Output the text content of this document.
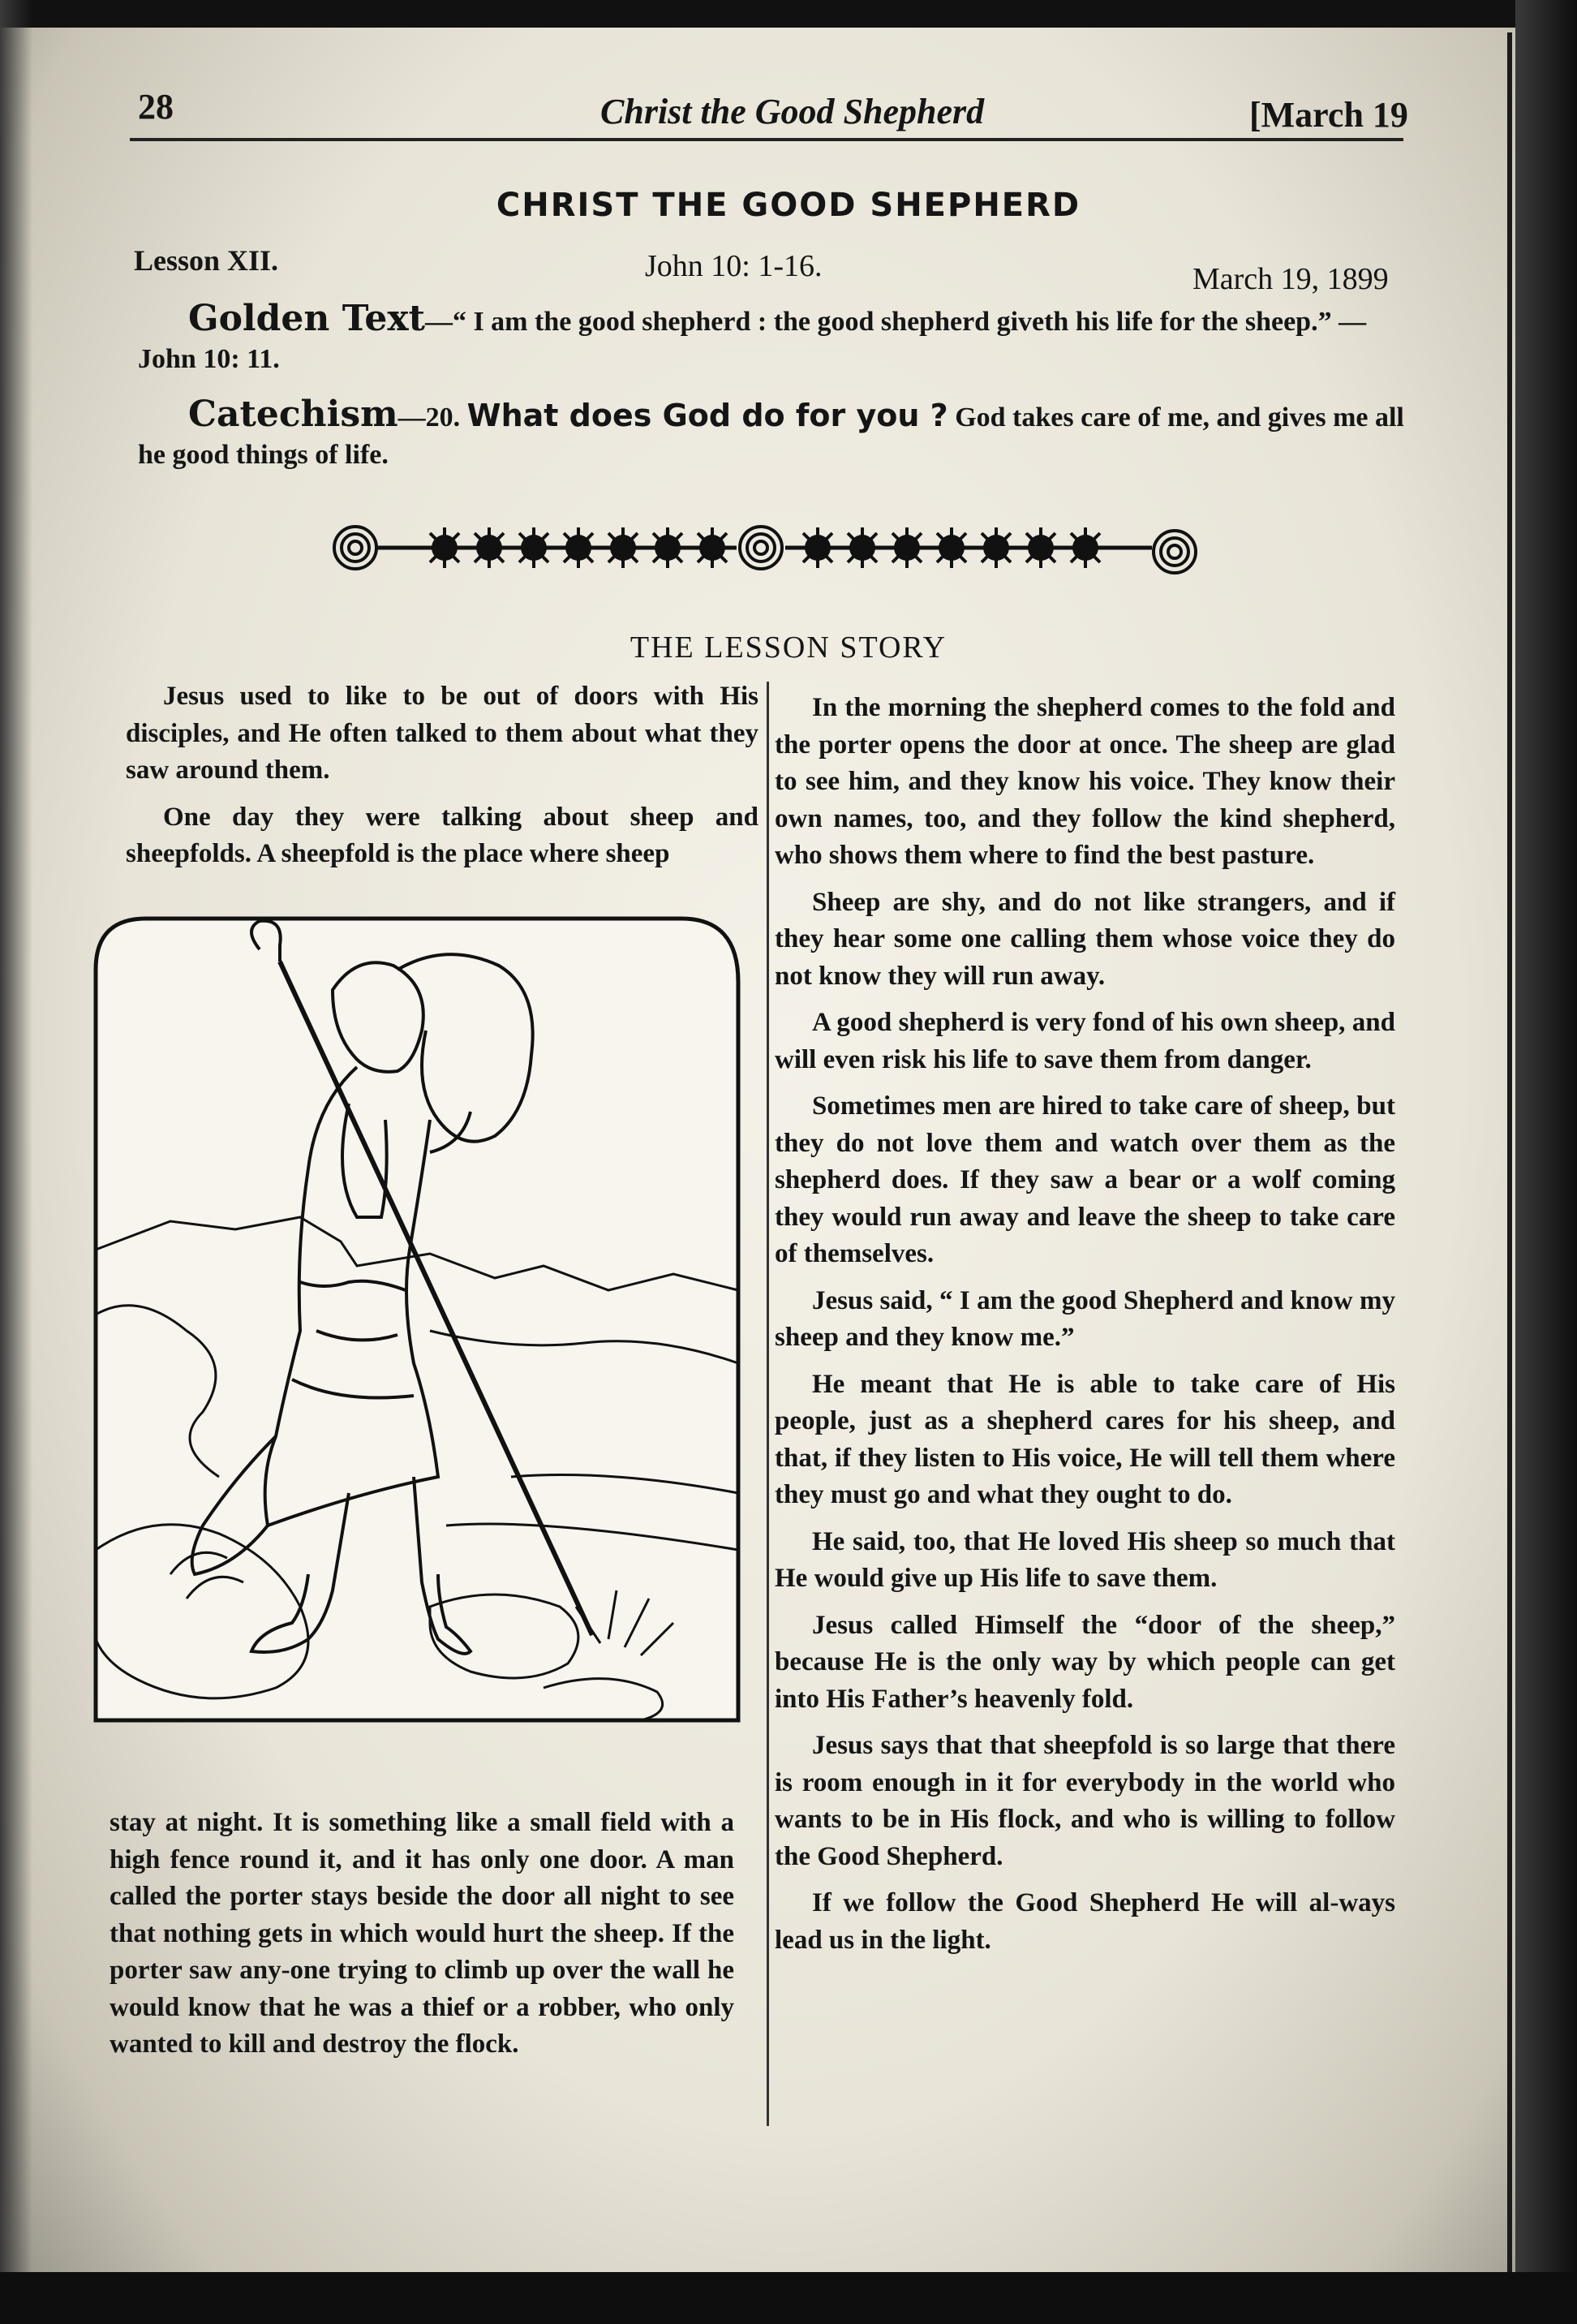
28	Christ the Good Shepherd	[March 19
CHRIST THE GOOD SHEPHERD
Lesson XII.	John 10: 1-16.	March 19, 1899
Golden Text—“ I am the good shepherd : the good shepherd giveth his life for the sheep.” —John 10: 11.
Catechism—20. What does God do for you ? God takes care of me, and gives me all he good things of life.
THE LESSON STORY

Jesus used to like to be out of doors with His disciples, and He often talked to them about what they saw around them.

One day they were talking about sheep and sheepfolds. A sheepfold is the place where sheep

stay at night. It is something like a small field with a high fence round it, and it has only one door. A man called the porter stays beside the door all night to see that nothing gets in which would hurt the sheep. If the porter saw any-one trying to climb up over the wall he would know that he was a thief or a robber, who only wanted to kill and destroy the flock.

In the morning the shepherd comes to the fold and the porter opens the door at once. The sheep are glad to see him, and they know his voice. They know their own names, too, and they follow the kind shepherd, who shows them where to find the best pasture.

Sheep are shy, and do not like strangers, and if they hear some one calling them whose voice they do not know they will run away.

A good shepherd is very fond of his own sheep, and will even risk his life to save them from danger.

Sometimes men are hired to take care of sheep, but they do not love them and watch over them as the shepherd does. If they saw a bear or a wolf coming they would run away and leave the sheep to take care of themselves.

Jesus said, “ I am the good Shepherd and know my sheep and they know me.”

He meant that He is able to take care of His people, just as a shepherd cares for his sheep, and that, if they listen to His voice, He will tell them where they must go and what they ought to do.

He said, too, that He loved His sheep so much that He would give up His life to save them.

Jesus called Himself the “door of the sheep,” because He is the only way by which people can get into His Father’s heavenly fold.

Jesus says that that sheepfold is so large that there is room enough in it for everybody in the world who wants to be in His flock, and who is willing to follow the Good Shepherd.

If we follow the Good Shepherd He will al-ways lead us in the light.
